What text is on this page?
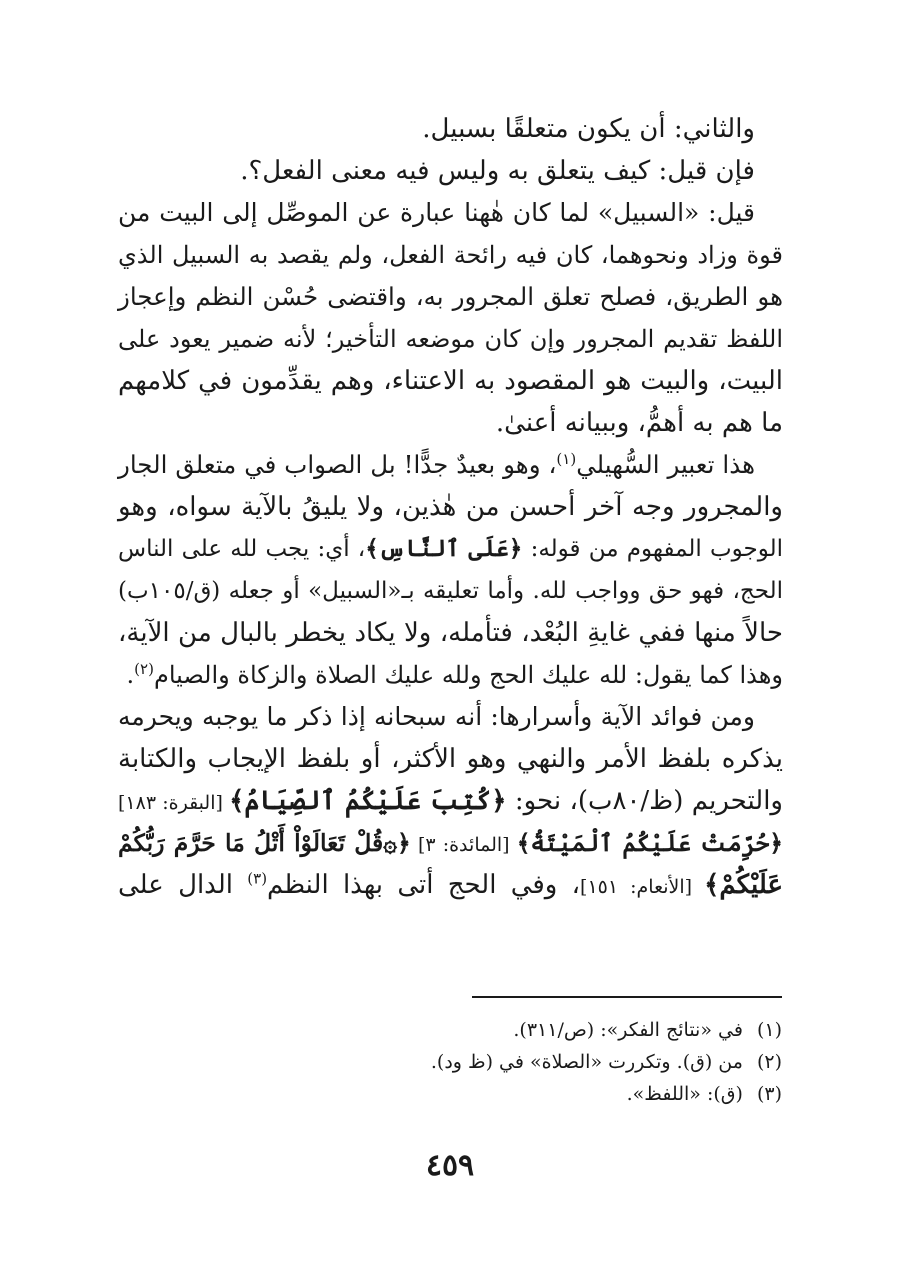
والثاني: أن يكون متعلقًا بسبيل.

فإن قيل: كيف يتعلق به وليس فيه معنى الفعل؟.

قيل: «السبيل» لما كان هٰهنا عبارة عن الموصِّل إلى البيت من
قوة وزاد ونحوهما، كان فيه رائحة الفعل، ولم يقصد به السبيل الذي
هو الطريق، فصلح تعلق المجرور به، واقتضى حُسْن النظم وإعجاز
اللفظ تقديم المجرور وإن كان موضعه التأخير؛ لأنه ضمير يعود على
البيت، والبيت هو المقصود به الاعتناء، وهم يقدِّمون في كلامهم
ما هم به أهمُّ، وببيانه أعنىٰ.

هذا تعبير السُّهيلي$^{(١)}$، وهو بعيدٌ جدًّا! بل الصواب في متعلق الجار
والمجرور وجه آخر أحسن من هٰذين، ولا يليقُ بالآية سواه، وهو
الوجوب المفهوم من قوله: ﴿عَلَى ٱلنَّاسِ﴾، أي: يجب لله على الناس
الحج، فهو حق وواجب لله. وأما تعليقه بـ«السبيل» أو جعله (ق/١٠٥ب)
حالاً منها ففي غايةِ البُعْد، فتأمله، ولا يكاد يخطر بالبال من الآية،
وهذا كما يقول: لله عليك الحج ولله عليك الصلاة والزكاة والصيام$^{(٢)}$.

ومن فوائد الآية وأسرارها: أنه سبحانه إذا ذكر ما يوجبه ويحرمه
يذكره بلفظ الأمر والنهي وهو الأكثر، أو بلفظ الإيجاب والكتابة
والتحريم (ظ/٨٠ب)، نحو: ﴿كُتِبَ عَلَيْكُمُ ٱلصِّيَامُ﴾ [البقرة: ١٨٣]
﴿حُرِّمَتْ عَلَيْكُمُ ٱلْمَيْتَةُ﴾ [المائدة: ٣] ﴿۞قُلْ تَعَالَوْاْ أَتْلُ مَا حَرَّمَ رَبُّكُمْ
عَلَيْكُمْ﴾ [الأنعام: ١٥١]، وفي الحج أتى بهذا النظم$^{(٣)}$ الدال على

(١)في «نتائج الفكر»: (ص/٣١١).
(٢)من (ق). وتكررت «الصلاة» في (ظ ود).
(٣)(ق): «اللفظ».
٤٥٩
